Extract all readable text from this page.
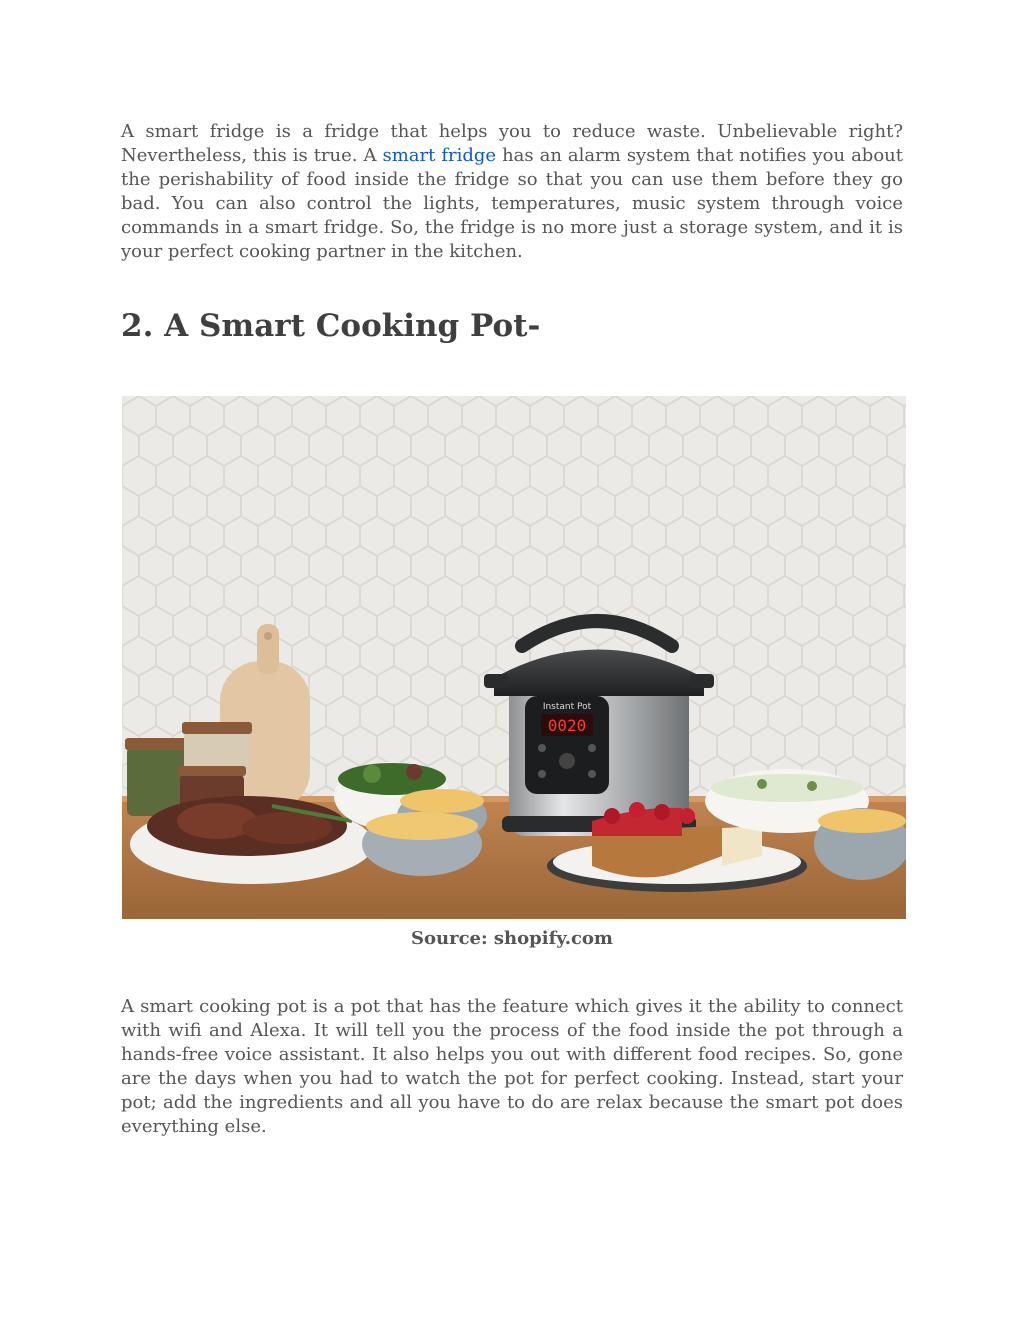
A smart fridge is a fridge that helps you to reduce waste. Unbelievable right? Nevertheless, this is true. A smart fridge has an alarm system that notifies you about the perishability of food inside the fridge so that you can use them before they go bad. You can also control the lights, temperatures, music system through voice commands in a smart fridge. So, the fridge is no more just a storage system, and it is your perfect cooking partner in the kitchen.

2. A Smart Cooking Pot-
Instant Pot
0020
Source: shopify.com

A smart cooking pot is a pot that has the feature which gives it the ability to connect with wifi and Alexa. It will tell you the process of the food inside the pot through a hands-free voice assistant. It also helps you out with different food recipes. So, gone are the days when you had to watch the pot for perfect cooking. Instead, start your pot; add the ingredients and all you have to do are relax because the smart pot does everything else.
